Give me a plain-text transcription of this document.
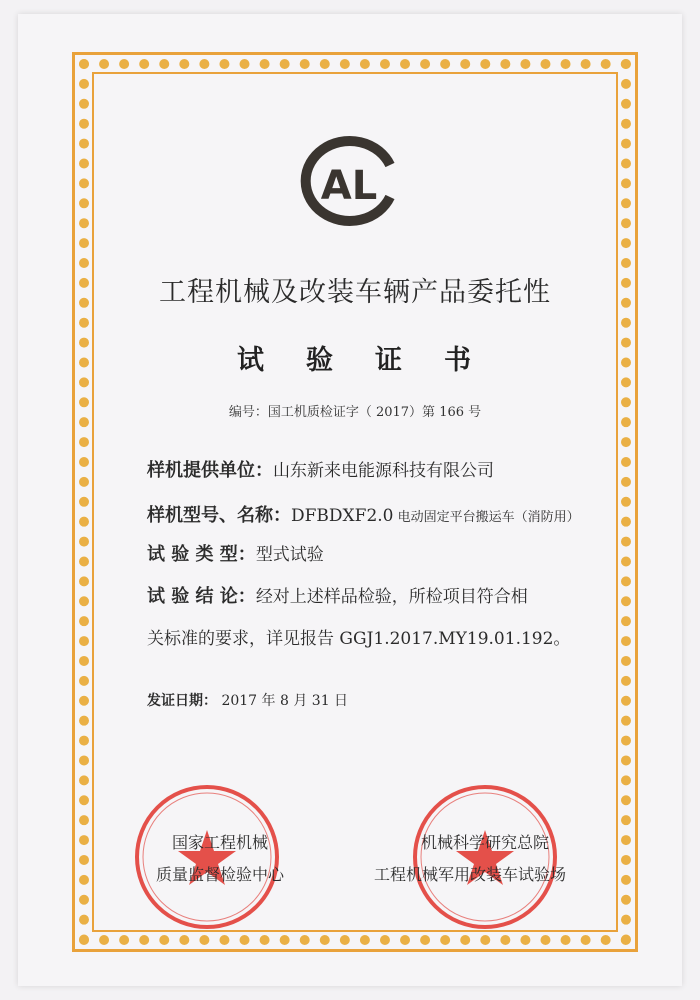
AL
工程机械及改装车辆产品委托性
试验证书
编号：国工机质检证字（ 2017）第 166 号
样机提供单位：山东新来电能源科技有限公司
样机型号、名称：DFBDXF2.0 电动固定平台搬运车（消防用）
试 验 类 型：型式试验
试 验 结 论：经对上述样品检验，所检项目符合相
关标准的要求，详见报告 GGJ1.2017.MY19.01.192。
发证日期： 2017 年 8 月 31 日
国家工程机械
质量监督检验中心
机械科学研究总院
工程机械军用改装车试验场
